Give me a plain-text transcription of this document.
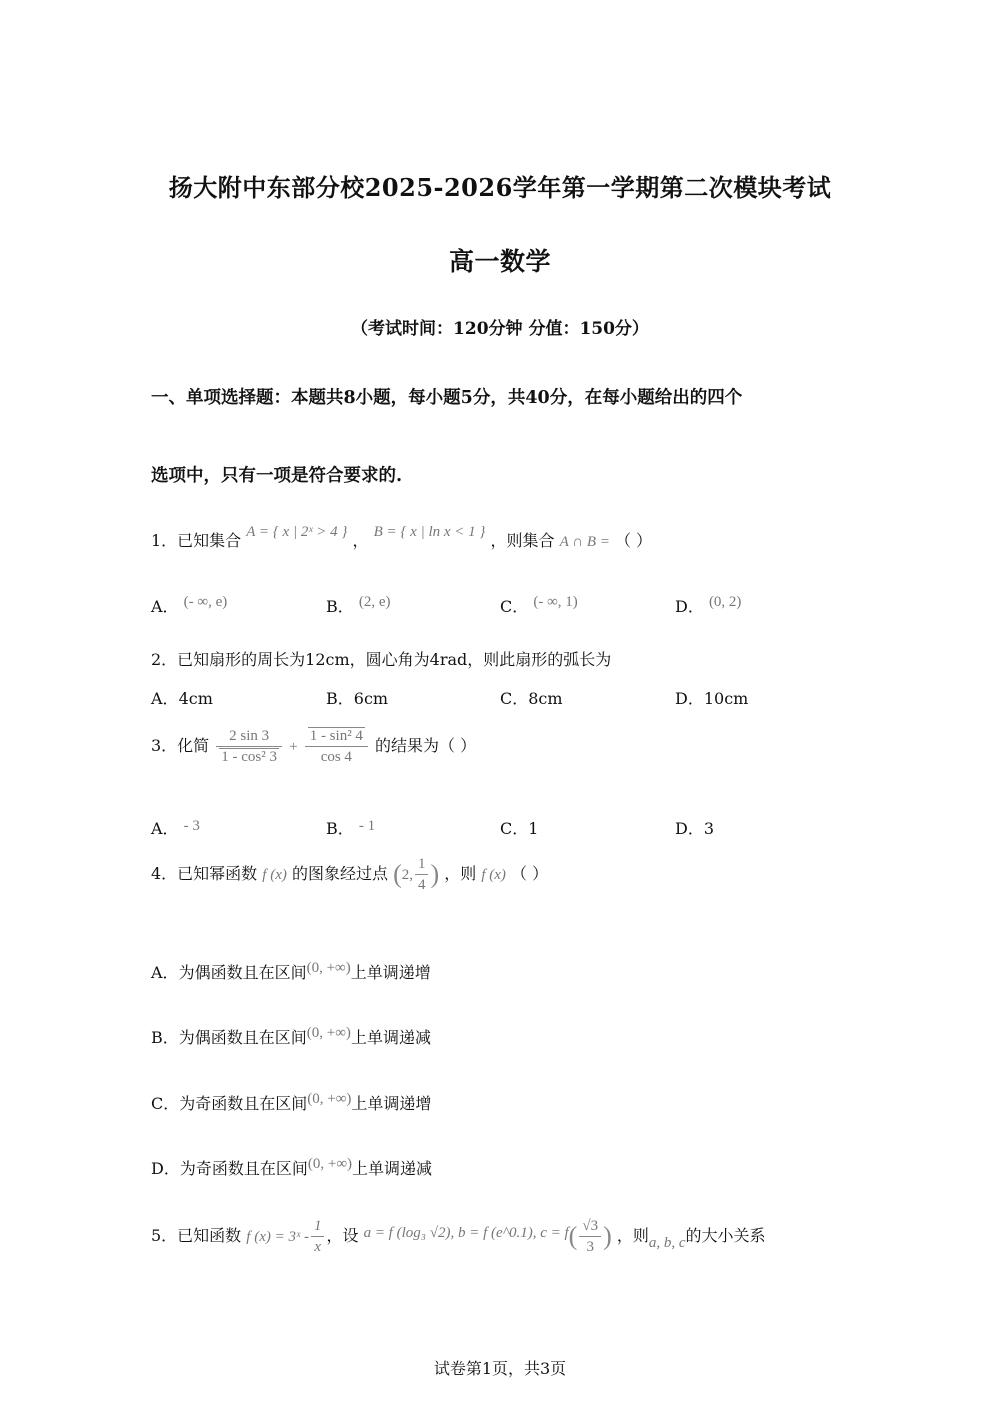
扬大附中东部分校2025-2026学年第一学期第二次模块考试
高一数学
（考试时间：120分钟 分值：150分）
一、单项选择题：本题共8小题，每小题5分，共40分，在每小题给出的四个
选项中，只有一项是符合要求的.
1．已知集合 A = { x | 2ˣ > 4 } ， B = { x | ln x < 1 } ，则集合 A ∩ B = （ ）
A． (- ∞, e)	B． (2, e)	C． (- ∞, 1)	D． (0, 2)
2．已知扇形的周长为12cm，圆心角为4rad，则此扇形的弧长为
A．4cm	B．6cm	C．8cm	D．10cm
3．化简 $\frac{2 \sin 3}{\text{1 - cos² 3}} + \frac{\text{1 - sin² 4}}{\cos 4}$ 的结果为（ ）
A． - 3	B． - 1	C．1	D．3
4．已知幂函数 f (x) 的图象经过点 (2, $\frac{1}{4}$ ) ，则 f (x) （ ）
A．为偶函数且在区间(0, +∞)上单调递增
B．为偶函数且在区间(0, +∞)上单调递减
C．为奇函数且在区间(0, +∞)上单调递增
D．为奇函数且在区间(0, +∞)上单调递减
5．已知函数 f (x) = 3ˣ - $\frac{1}{x}$ ，设 a = f (log₃ √2), b = f (e^0.1), $c = f( \frac{√3}{3}$ ) ，则a, b, c的大小关系
试卷第1页，共3页
